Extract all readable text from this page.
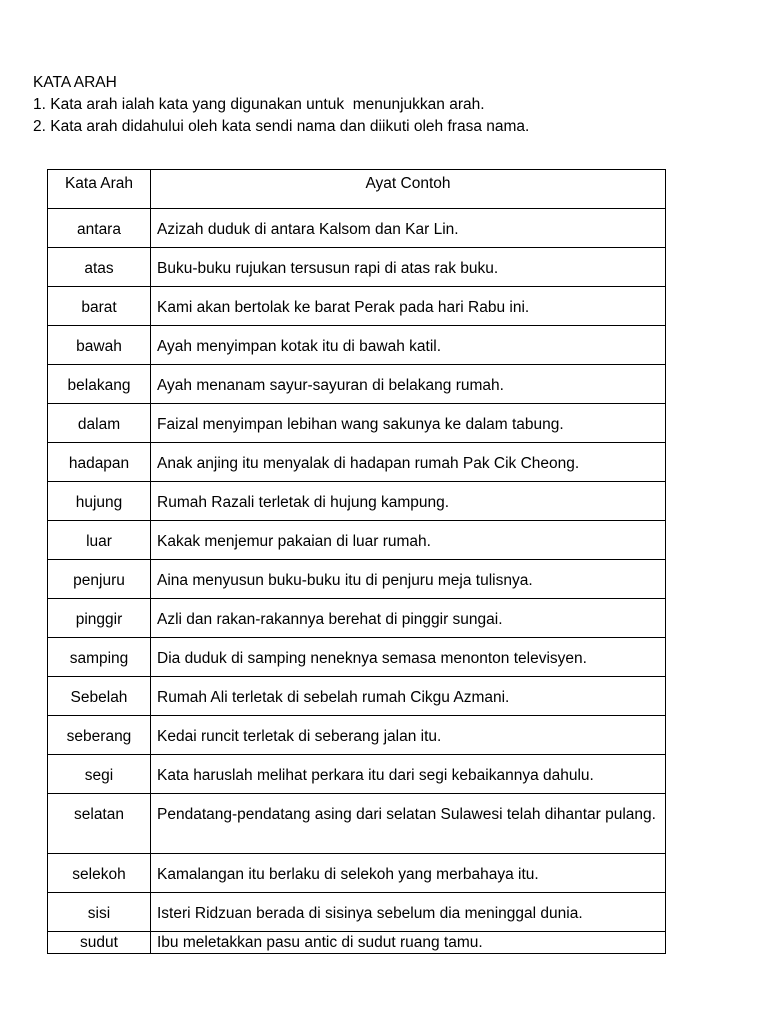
KATA ARAH
1. Kata arah ialah kata yang digunakan untuk  menunjukkan arah.
2. Kata arah didahului oleh kata sendi nama dan diikuti oleh frasa nama.
Kata Arah	Ayat Contoh
antara	Azizah duduk di antara Kalsom dan Kar Lin.
atas	Buku-buku rujukan tersusun rapi di atas rak buku.
barat	Kami akan bertolak ke barat Perak pada hari Rabu ini.
bawah	Ayah menyimpan kotak itu di bawah katil.
belakang	Ayah menanam sayur-sayuran di belakang rumah.
dalam	Faizal menyimpan lebihan wang sakunya ke dalam tabung.
hadapan	Anak anjing itu menyalak di hadapan rumah Pak Cik Cheong.
hujung	Rumah Razali terletak di hujung kampung.
luar	Kakak menjemur pakaian di luar rumah.
penjuru	Aina menyusun buku-buku itu di penjuru meja tulisnya.
pinggir	Azli dan rakan-rakannya berehat di pinggir sungai.
samping	Dia duduk di samping neneknya semasa menonton televisyen.
Sebelah	Rumah Ali terletak di sebelah rumah Cikgu Azmani.
seberang	Kedai runcit terletak di seberang jalan itu.
segi	Kata haruslah melihat perkara itu dari segi kebaikannya dahulu.
selatan	Pendatang-pendatang asing dari selatan Sulawesi telah dihantar pulang.
selekoh	Kamalangan itu berlaku di selekoh yang merbahaya itu.
sisi	Isteri Ridzuan berada di sisinya sebelum dia meninggal dunia.
sudut	Ibu meletakkan pasu antic di sudut ruang tamu.
